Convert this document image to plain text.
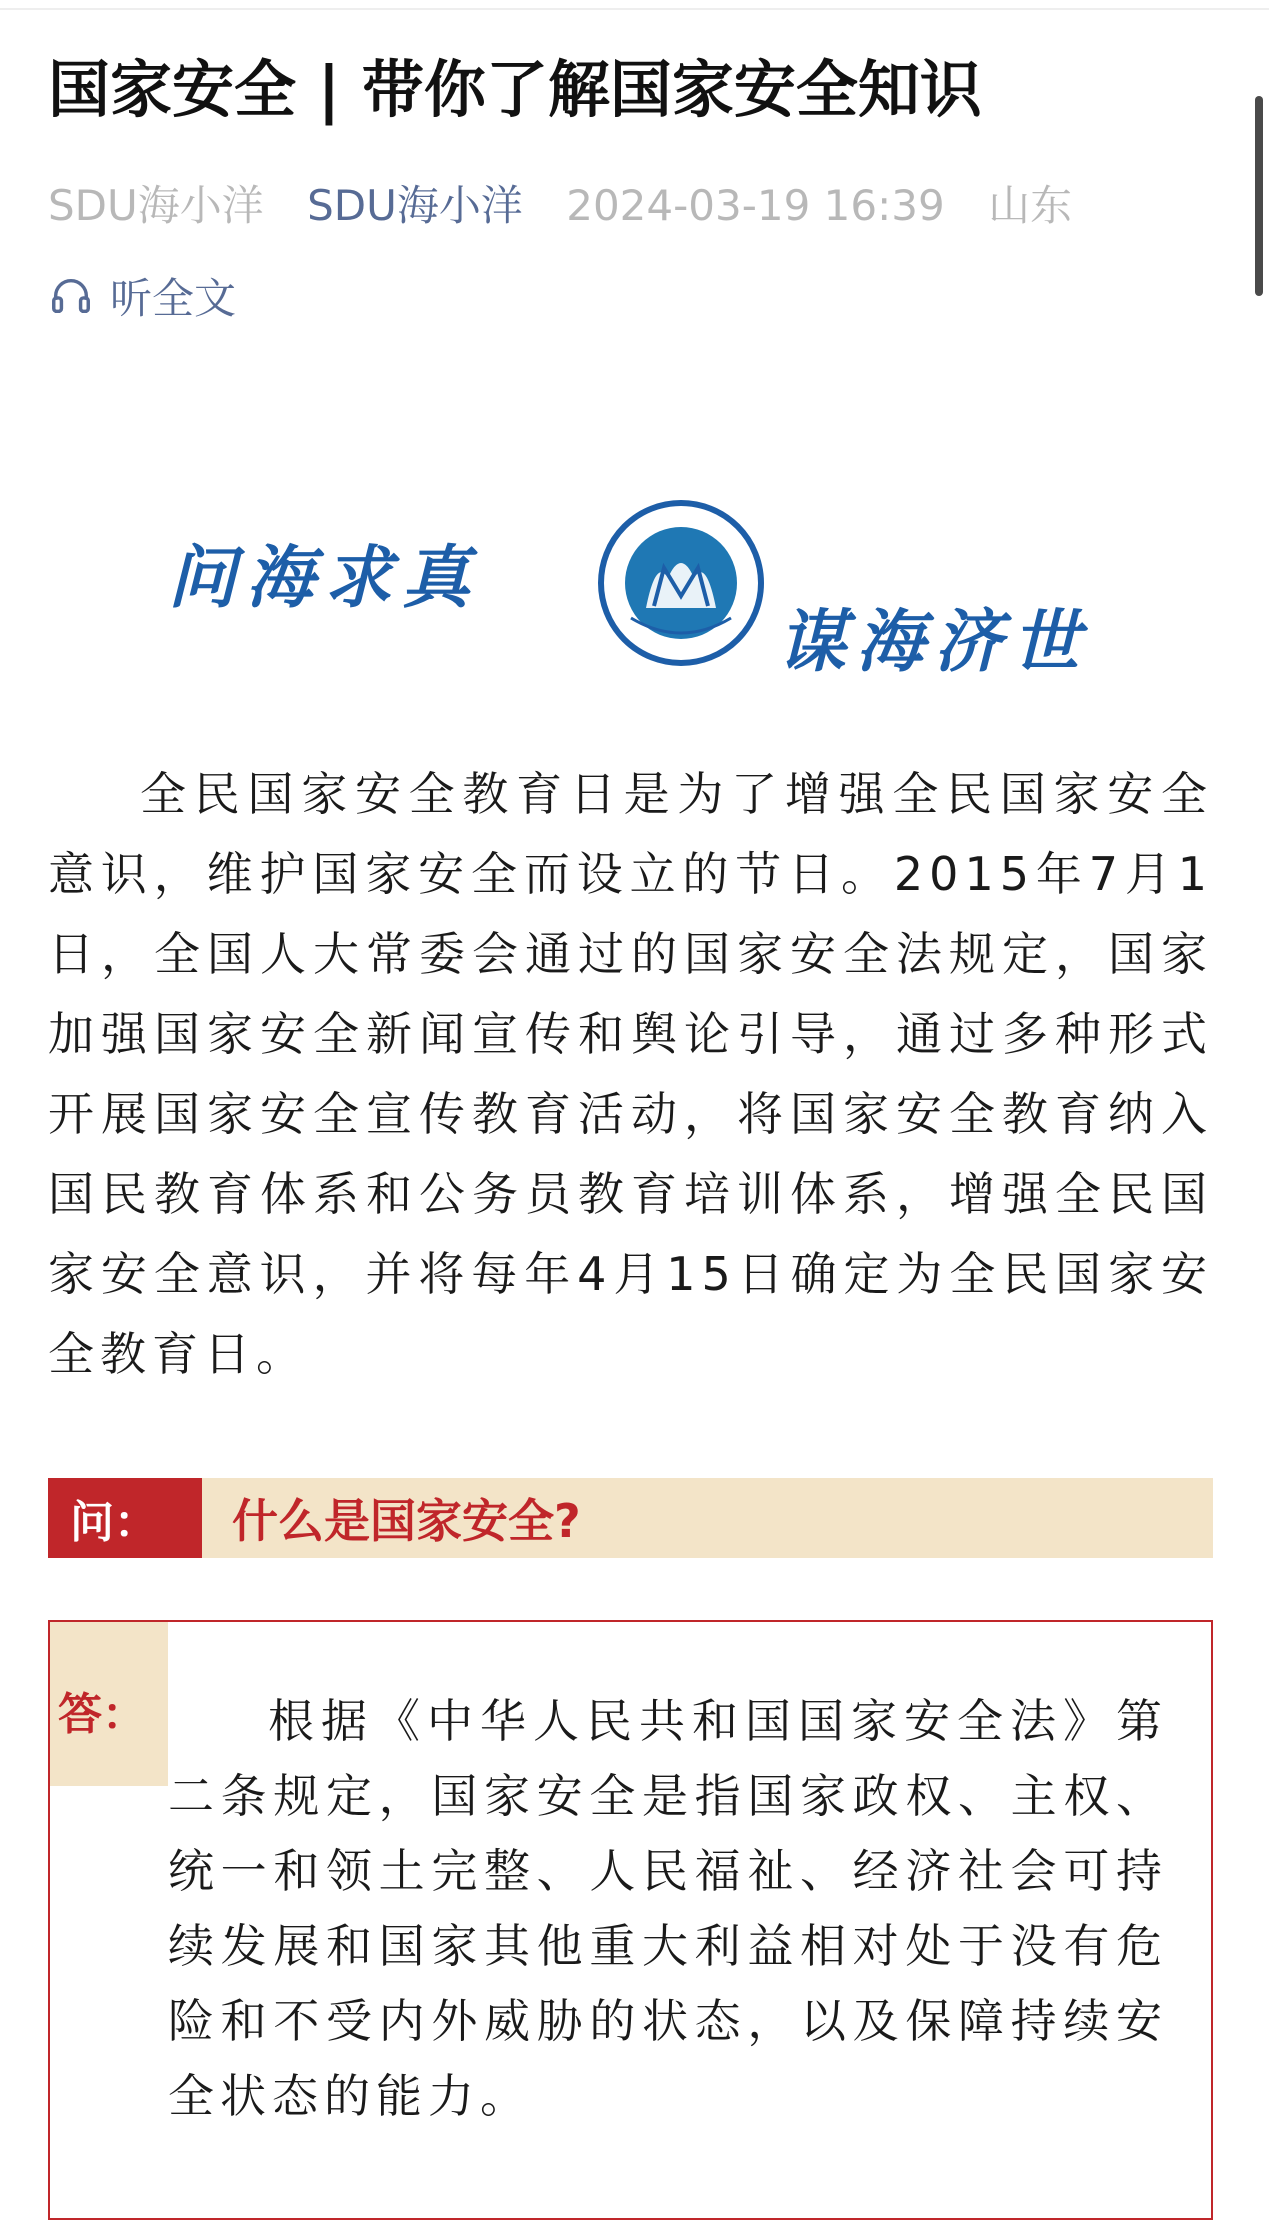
国家安全 | 带你了解国家安全知识
SDU海小洋 SDU海小洋 2024-03-19 16:39 山东
听全文
问海求真
谋海济世

全民国家安全教育日是为了增强全民国家安全意识，维护国家安全而设立的节日。2015年7月1日，全国人大常委会通过的国家安全法规定，国家加强国家安全新闻宣传和舆论引导，通过多种形式开展国家安全宣传教育活动，将国家安全教育纳入国民教育体系和公务员教育培训体系，增强全民国家安全意识，并将每年4月15日确定为全民国家安全教育日。

问：	什么是国家安全?
答：	根据《中华人民共和国国家安全法》第二条规定，国家安全是指国家政权、主权、统一和领土完整、人民福祉、经济社会可持续发展和国家其他重大利益相对处于没有危险和不受内外威胁的状态，以及保障持续安全状态的能力。
